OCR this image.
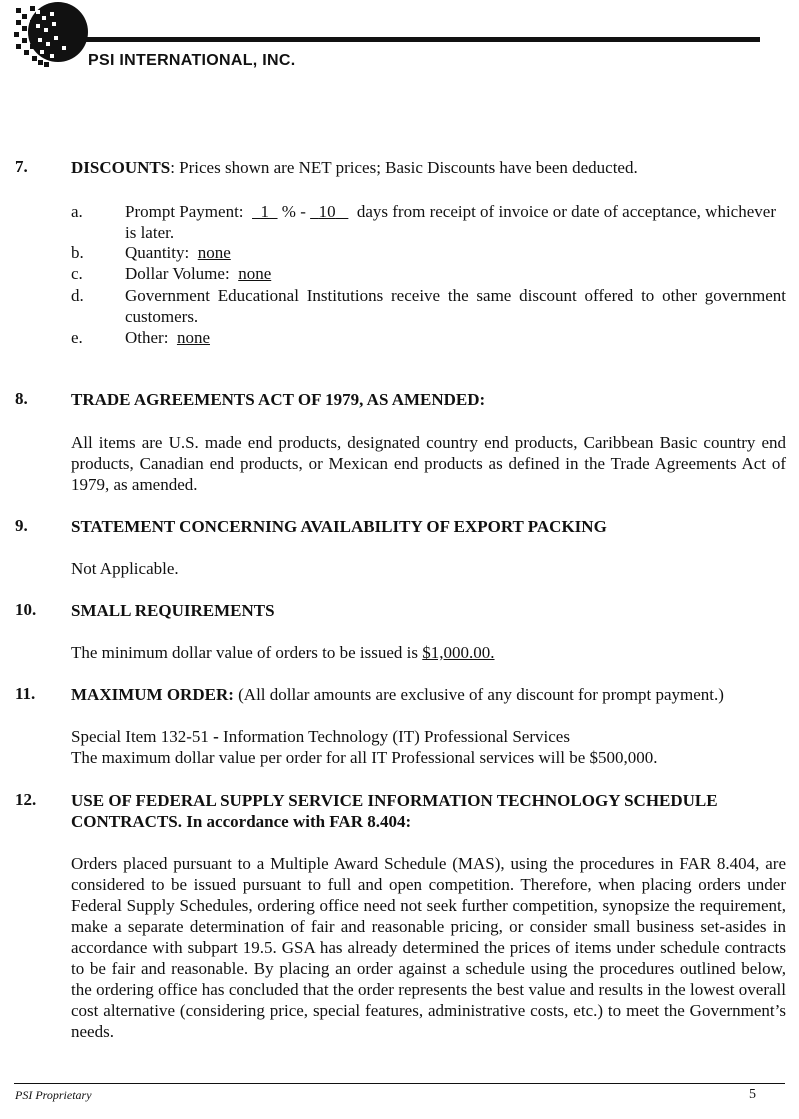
PSI INTERNATIONAL, INC.
7.	DISCOUNTS: Prices shown are NET prices; Basic Discounts have been deducted.
a. Prompt Payment:    1   % -   10     days from receipt of invoice or date of acceptance, whichever is later.
b. Quantity:  none
c. Dollar Volume:  none
d. Government Educational Institutions receive the same discount offered to other government customers.
e. Other:  none
8.	TRADE AGREEMENTS ACT OF 1979, AS AMENDED:
All items are U.S. made end products, designated country end products, Caribbean Basic country end products, Canadian end products, or Mexican end products as defined in the Trade Agreements Act of 1979, as amended.
9.	STATEMENT CONCERNING AVAILABILITY OF EXPORT PACKING
Not Applicable.
10. SMALL REQUIREMENTS
The minimum dollar value of orders to be issued is $1,000.00.
11. MAXIMUM ORDER: (All dollar amounts are exclusive of any discount for prompt payment.)
Special Item 132-51 - Information Technology (IT) Professional Services
The maximum dollar value per order for all IT Professional services will be $500,000.
12. USE OF FEDERAL SUPPLY SERVICE INFORMATION TECHNOLOGY SCHEDULE CONTRACTS. In accordance with FAR 8.404:
Orders placed pursuant to a Multiple Award Schedule (MAS), using the procedures in FAR 8.404, are considered to be issued pursuant to full and open competition. Therefore, when placing orders under Federal Supply Schedules, ordering office need not seek further competition, synopsize the requirement, make a separate determination of fair and reasonable pricing, or consider small business set-asides in accordance with subpart 19.5. GSA has already determined the prices of items under schedule contracts to be fair and reasonable. By placing an order against a schedule using the procedures outlined below, the ordering office has concluded that the order represents the best value and results in the lowest overall cost alternative (considering price, special features, administrative costs, etc.) to meet the Government’s needs.
PSI Proprietary	5
